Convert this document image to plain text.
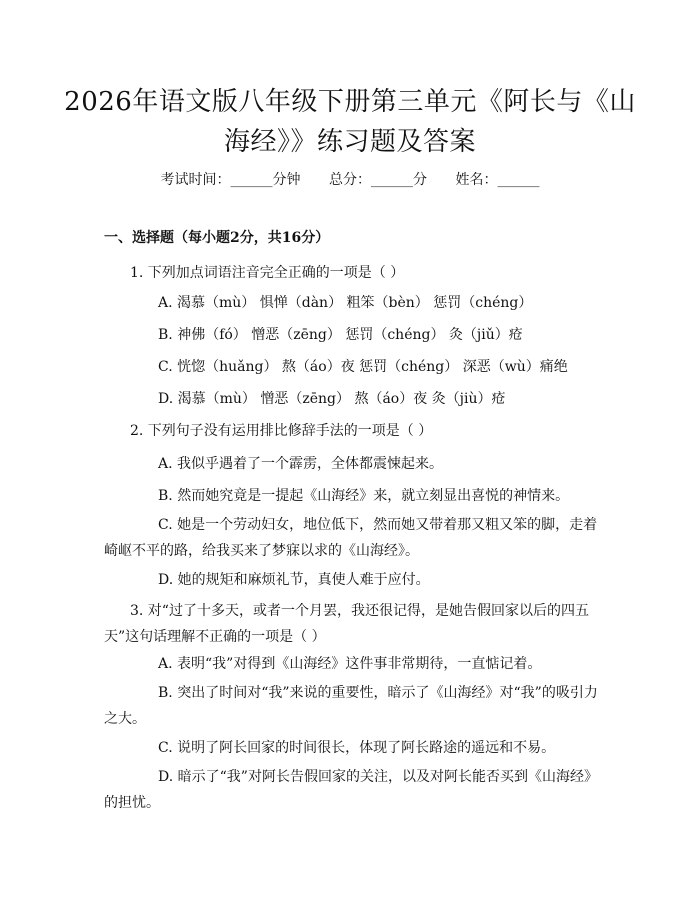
2026年语文版八年级下册第三单元《阿长与《山海经》》练习题及答案
考试时间：______分钟 总分：______分 姓名：______
一、选择题（每小题2分，共16分）
1. 下列加点词语注音完全正确的一项是（ ）
A. 渴慕（mù） 惧惮（dàn） 粗笨（bèn） 惩罚（chéng）
B. 神佛（fó） 憎恶（zēng） 惩罚（chéng） 灸（jiǔ）疮
C. 恍惚（huǎng） 熬（áo）夜 惩罚（chéng） 深恶（wù）痛绝
D. 渴慕（mù） 憎恶（zēng） 熬（áo）夜 灸（jiù）疮
2. 下列句子没有运用排比修辞手法的一项是（ ）
A. 我似乎遇着了一个霹雳，全体都震悚起来。
B. 然而她究竟是一提起《山海经》来，就立刻显出喜悦的神情来。
C. 她是一个劳动妇女，地位低下，然而她又带着那又粗又笨的脚，走着崎岖不平的路，给我买来了梦寐以求的《山海经》。
D. 她的规矩和麻烦礼节，真使人难于应付。
3. 对“过了十多天，或者一个月罢，我还很记得，是她告假回家以后的四五天”这句话理解不正确的一项是（ ）
A. 表明“我”对得到《山海经》这件事非常期待，一直惦记着。
B. 突出了时间对“我”来说的重要性，暗示了《山海经》对“我”的吸引力之大。
C. 说明了阿长回家的时间很长，体现了阿长路途的遥远和不易。
D. 暗示了“我”对阿长告假回家的关注，以及对阿长能否买到《山海经》的担忧。
